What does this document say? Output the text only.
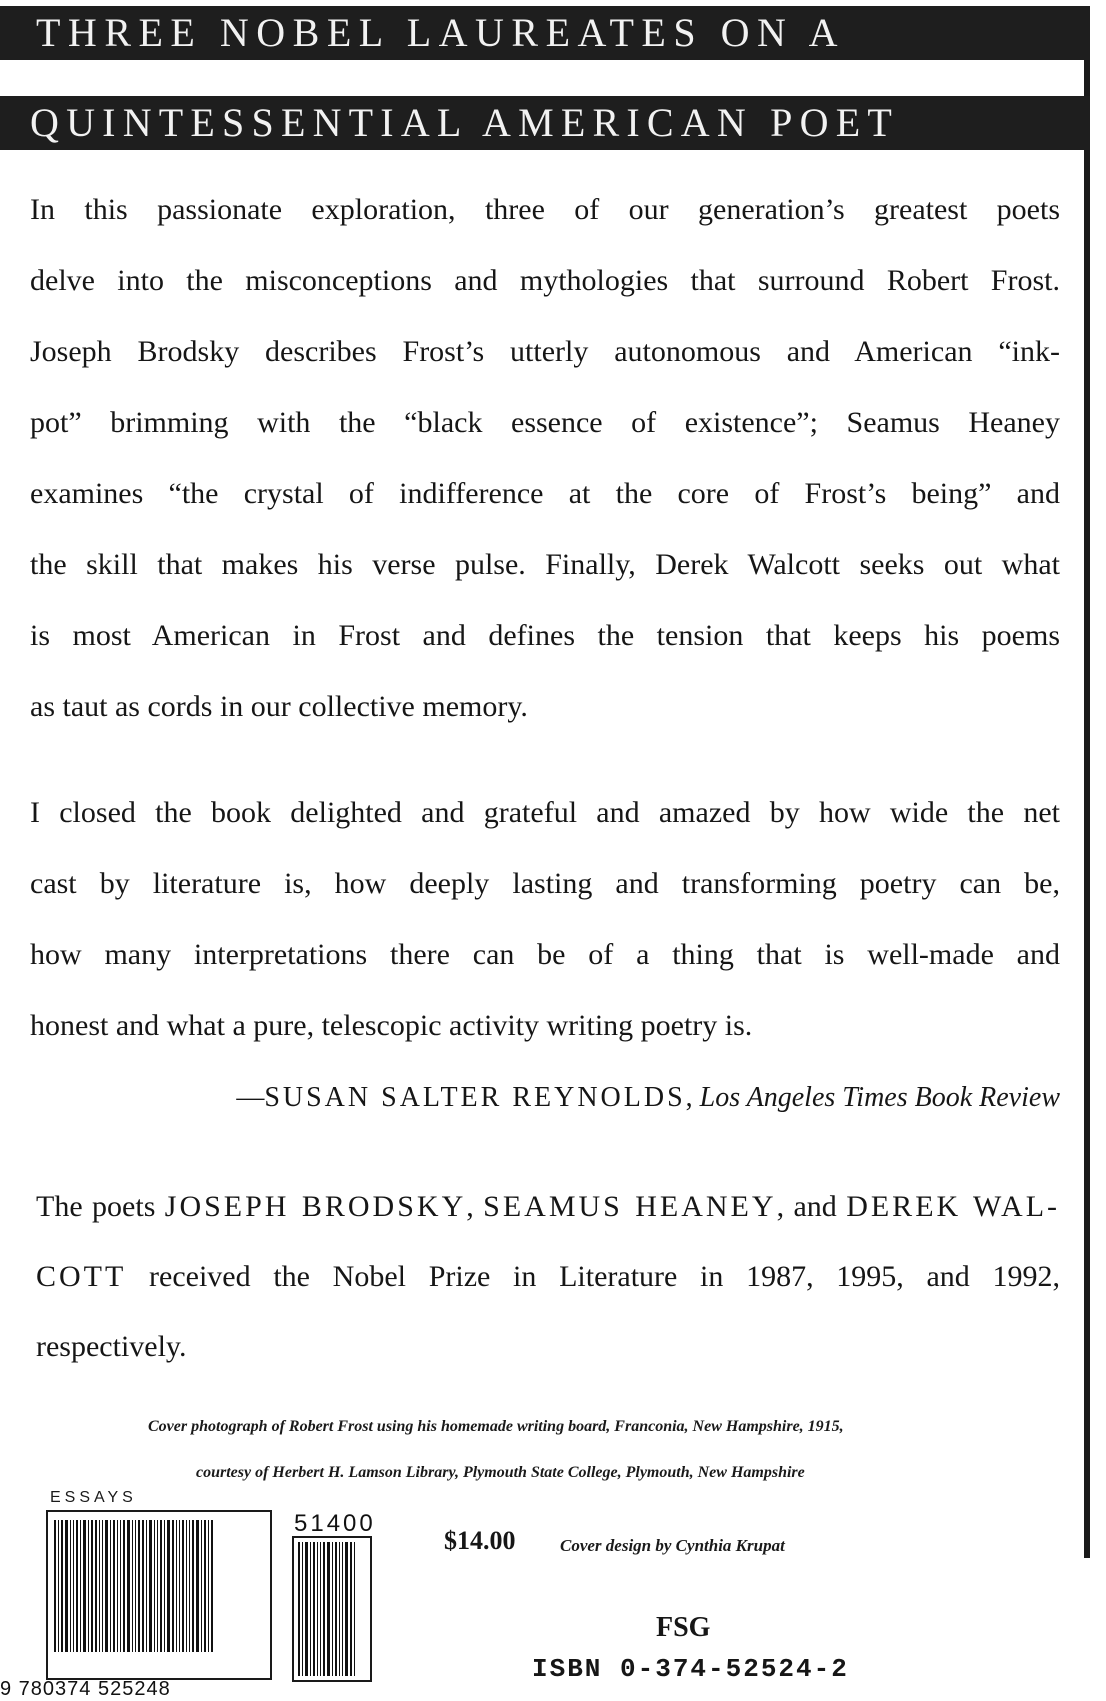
THREE NOBEL LAUREATES ON A
QUINTESSENTIAL AMERICAN POET
In this passionate exploration, three of our generation’s greatest poets
delve into the misconceptions and mythologies that surround Robert Frost.
Joseph Brodsky describes Frost’s utterly autonomous and American “ink-
pot” brimming with the “black essence of existence”; Seamus Heaney
examines “the crystal of indifference at the core of Frost’s being” and
the skill that makes his verse pulse. Finally, Derek Walcott seeks out what
is most American in Frost and defines the tension that keeps his poems
as taut as cords in our collective memory.
I closed the book delighted and grateful and amazed by how wide the net
cast by literature is, how deeply lasting and transforming poetry can be,
how many interpretations there can be of a thing that is well-made and
honest and what a pure, telescopic activity writing poetry is.
—SUSAN SALTER REYNOLDS, Los Angeles Times Book Review
The poets JOSEPH BRODSKY, SEAMUS HEANEY, and DEREK WAL-
COTT received the Nobel Prize in Literature in 1987, 1995, and 1992,
respectively.
Cover photograph of Robert Frost using his homemade writing board, Franconia, New Hampshire, 1915,
courtesy of Herbert H. Lamson Library, Plymouth State College, Plymouth, New Hampshire
ESSAYS
9 780374 525248
51400
$14.00	Cover design by Cynthia Krupat
FSG
ISBN 0-374-52524-2
